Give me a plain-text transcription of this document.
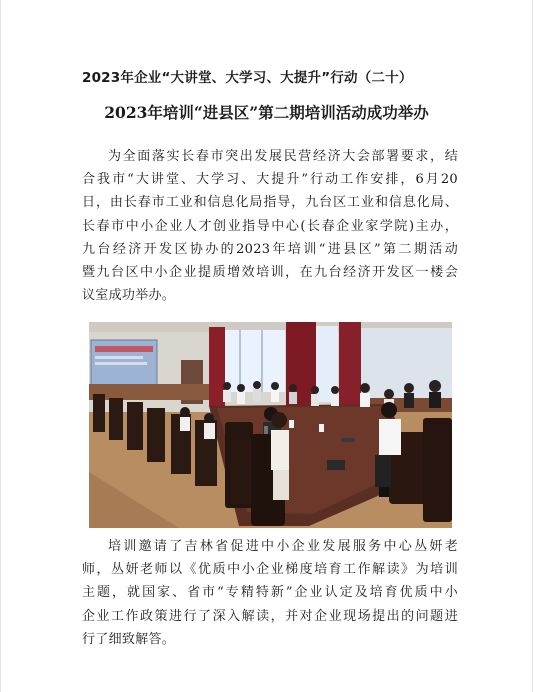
2023年企业“大讲堂、大学习、大提升”行动（二十）
2023年培训“进县区”第二期培训活动成功举办
为全面落实长春市突出发展民营经济大会部署要求，结
合我市“大讲堂、大学习、大提升”行动工作安排，6月20
日，由长春市工业和信息化局指导，九台区工业和信息化局、
长春市中小企业人才创业指导中心(长春企业家学院)主办，
九台经济开发区协办的2023年培训“进县区”第二期活动
暨九台区中小企业提质增效培训，在九台经济开发区一楼会
议室成功举办。
培训邀请了吉林省促进中小企业发展服务中心丛妍老
师，丛妍老师以《优质中小企业梯度培育工作解读》为培训
主题，就国家、省市“专精特新”企业认定及培育优质中小
企业工作政策进行了深入解读，并对企业现场提出的问题进
行了细致解答。
